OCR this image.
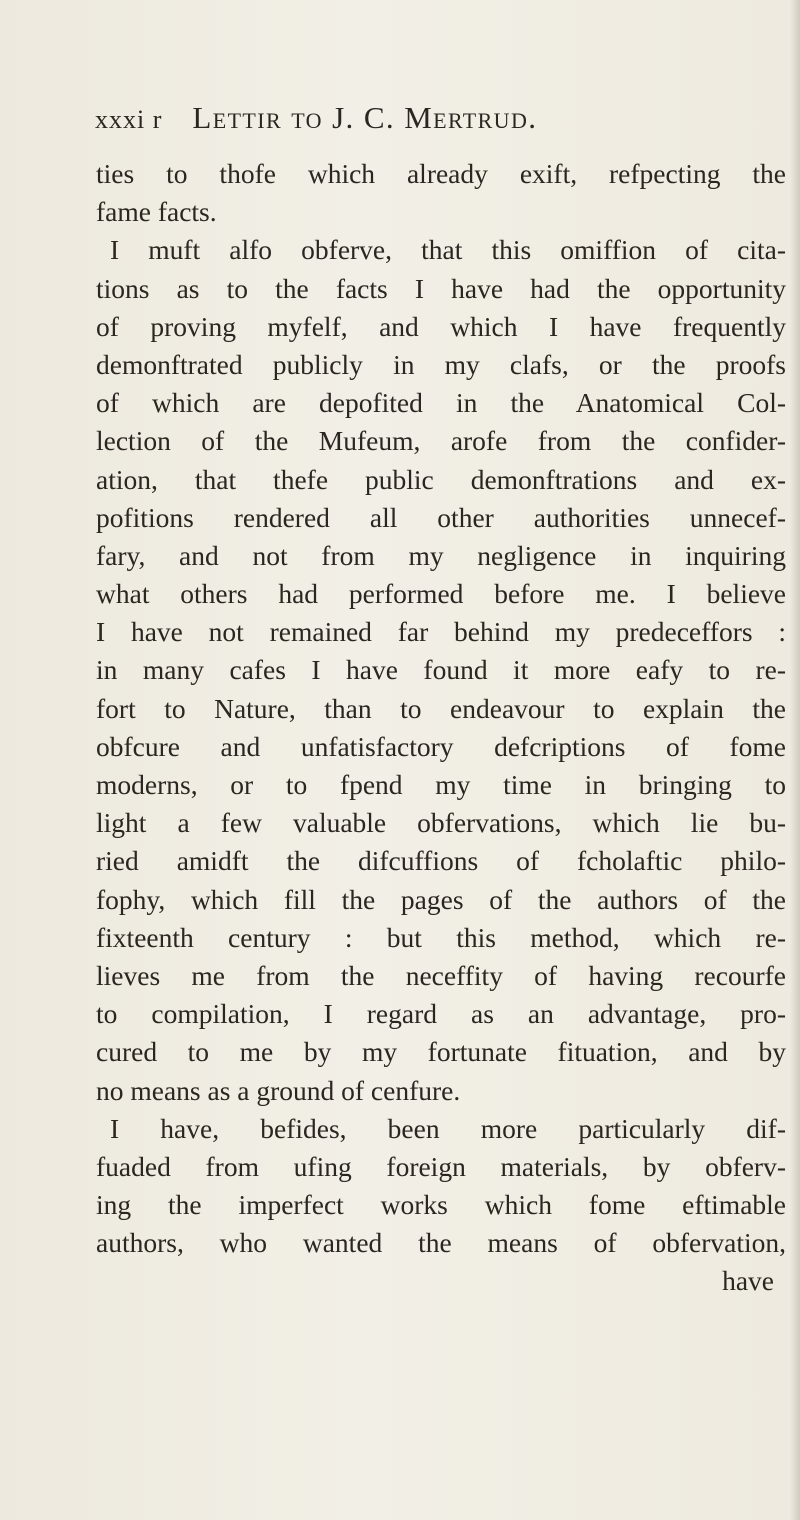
xxxi r Lettir to J. C. Mertrud.
ties to thofe which already exift, refpecting the
fame facts.
I muft alfo obferve, that this omiffion of cita-
tions as to the facts I have had the opportunity
of proving myfelf, and which I have frequently
demonftrated publicly in my clafs, or the proofs
of which are depofited in the Anatomical Col-
lection of the Mufeum, arofe from the confider-
ation, that thefe public demonftrations and ex-
pofitions rendered all other authorities unnecef-
fary, and not from my negligence in inquiring
what others had performed before me. I believe
I have not remained far behind my predeceffors :
in many cafes I have found it more eafy to re-
fort to Nature, than to endeavour to explain the
obfcure and unfatisfactory defcriptions of fome
moderns, or to fpend my time in bringing to
light a few valuable obfervations, which lie bu-
ried amidft the difcuffions of fcholaftic philo-
fophy, which fill the pages of the authors of the
fixteenth century : but this method, which re-
lieves me from the neceffity of having recourfe
to compilation, I regard as an advantage, pro-
cured to me by my fortunate fituation, and by
no means as a ground of cenfure.
I have, befides, been more particularly dif-
fuaded from ufing foreign materials, by obferv-
ing the imperfect works which fome eftimable
authors, who wanted the means of obfervation,
have
